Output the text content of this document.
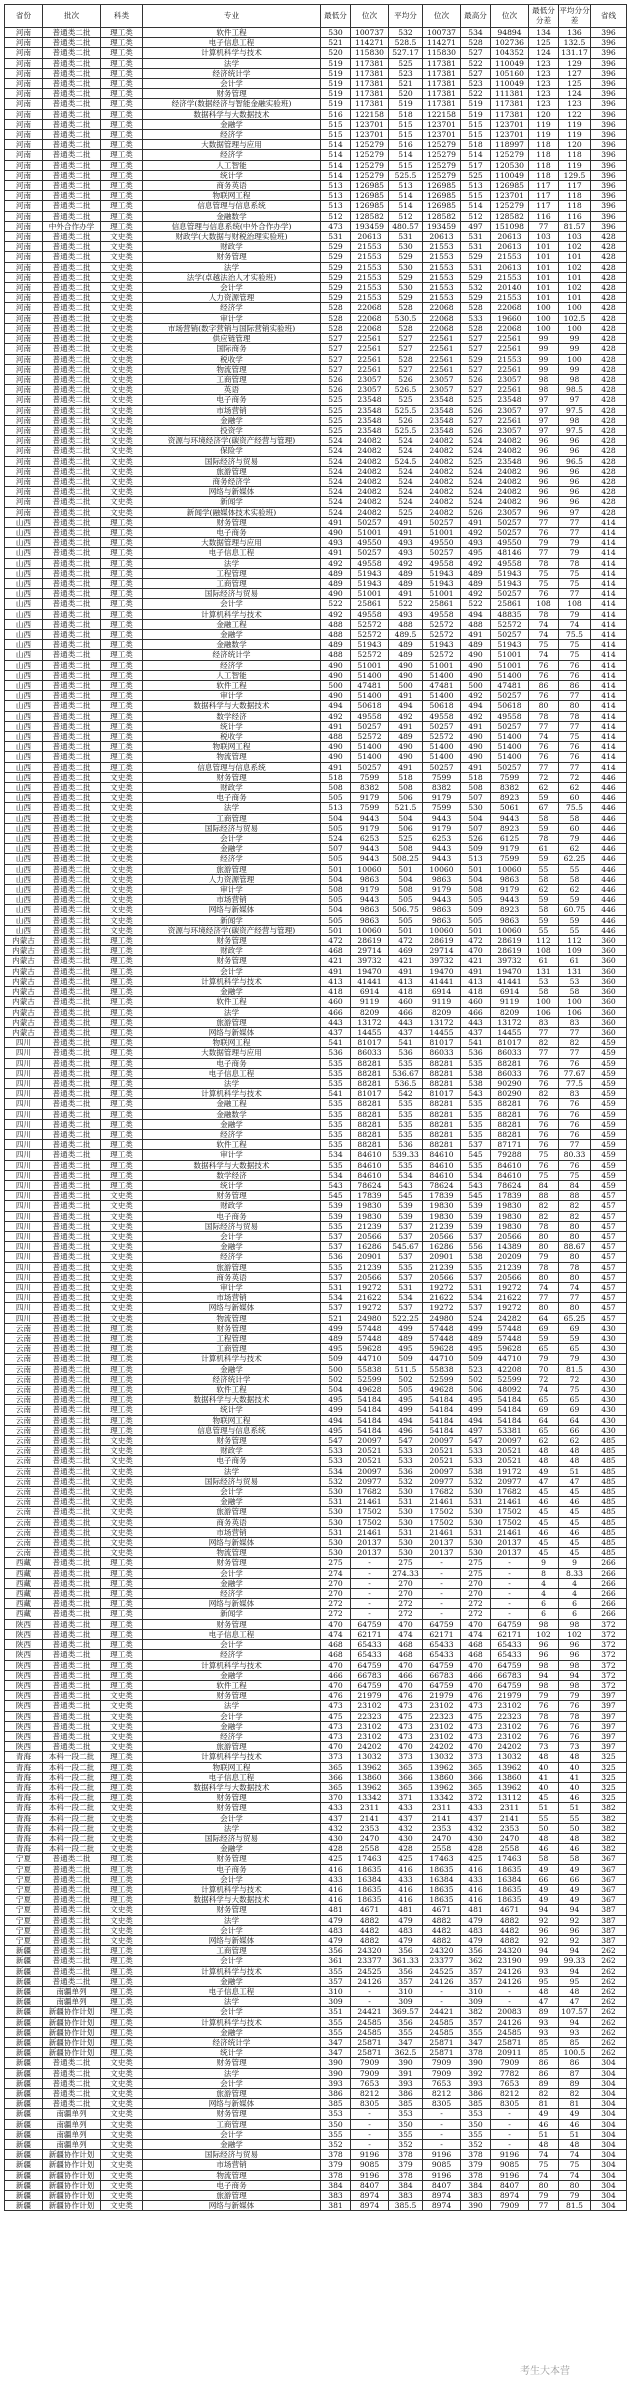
省份	批次	科类	专业	最低分	位次	平均分	位次	最高分	位次	最低分分差	平均分分差	省线
河南	普通类二批	理工类	软件工程	530	100737	532	100737	534	94894	134	136	396
河南	普通类二批	理工类	电子信息工程	521	114271	528.5	114271	528	102736	125	132.5	396
河南	普通类二批	理工类	计算机科学与技术	520	115830	527.17	115830	527	104352	124	131.17	396
河南	普通类二批	理工类	法学	519	117381	525	117381	522	110049	123	129	396
河南	普通类二批	理工类	经济统计学	519	117381	523	117381	527	105160	123	127	396
河南	普通类二批	理工类	会计学	519	117381	521	117381	523	110049	123	125	396
河南	普通类二批	理工类	财务管理	519	117381	520	117381	522	111381	123	124	396
河南	普通类二批	理工类	经济学(数据经济与智能金融实验班)	519	117381	519	117381	519	117381	123	123	396
河南	普通类二批	理工类	数据科学与大数据技术	516	122158	518	122158	519	117381	120	122	396
河南	普通类二批	理工类	金融学	515	123701	515	123701	515	123701	119	119	396
河南	普通类二批	理工类	经济学	515	123701	515	123701	515	123701	119	119	396
河南	普通类二批	理工类	大数据管理与应用	514	125279	516	125279	518	118997	118	120	396
河南	普通类二批	理工类	经济学	514	125279	514	125279	514	125279	118	118	396
河南	普通类二批	理工类	人工智能	514	125279	515	125279	517	120530	118	119	396
河南	普通类二批	理工类	统计学	514	125279	525.5	125279	525	110049	118	129.5	396
河南	普通类二批	理工类	商务英语	513	126985	513	126985	513	126985	117	117	396
河南	普通类二批	理工类	物联网工程	513	126985	514	126985	515	123701	117	118	396
河南	普通类二批	理工类	信息管理与信息系统	513	126985	514	126985	514	125279	117	118	396
河南	普通类二批	理工类	金融数学	512	128582	512	128582	512	128582	116	116	396
河南	中外合作办学	理工类	信息管理与信息系统(中外合作办学)	473	193459	480.57	193459	497	151098	77	81.57	396
河南	普通类二批	文史类	财政学(大数据与财税治理实验班)	531	20613	531	20613	531	20613	103	103	428
河南	普通类二批	文史类	财政学	529	21553	530	21553	531	20613	101	102	428
河南	普通类二批	文史类	财务管理	529	21553	529	21553	529	21553	101	101	428
河南	普通类二批	文史类	法学	529	21553	530	21553	531	20613	101	102	428
河南	普通类二批	文史类	法学(卓越法治人才实验班)	529	21553	529	21553	529	21553	101	101	428
河南	普通类二批	文史类	会计学	529	21553	530	21553	532	20140	101	102	428
河南	普通类二批	文史类	人力资源管理	529	21553	529	21553	529	21553	101	101	428
河南	普通类二批	文史类	经济学	528	22068	528	22068	528	22068	100	100	428
河南	普通类二批	文史类	审计学	528	22068	530.5	22068	533	19660	100	102.5	428
河南	普通类二批	文史类	市场营销(数字营销与国际营销实验班)	528	22068	528	22068	528	22068	100	100	428
河南	普通类二批	文史类	供应链管理	527	22561	527	22561	527	22561	99	99	428
河南	普通类二批	文史类	国际商务	527	22561	527	22561	527	22561	99	99	428
河南	普通类二批	文史类	税收学	527	22561	528	22561	529	21553	99	100	428
河南	普通类二批	文史类	物流管理	527	22561	527	22561	527	22561	99	99	428
河南	普通类二批	文史类	工商管理	526	23057	526	23057	526	23057	98	98	428
河南	普通类二批	文史类	英语	526	23057	526.5	23057	527	22561	98	98.5	428
河南	普通类二批	文史类	电子商务	525	23548	525	23548	525	23548	97	97	428
河南	普通类二批	文史类	市场营销	525	23548	525.5	23548	526	23057	97	97.5	428
河南	普通类二批	文史类	金融学	525	23548	526	23548	527	22561	97	98	428
河南	普通类二批	文史类	投资学	525	23548	525.5	23548	526	23057	97	97.5	428
河南	普通类二批	文史类	资源与环境经济学(碳资产经营与管理)	524	24082	524	24082	524	24082	96	96	428
河南	普通类二批	文史类	保险学	524	24082	524	24082	524	24082	96	96	428
河南	普通类二批	文史类	国际经济与贸易	524	24082	524.5	24082	525	23548	96	96.5	428
河南	普通类二批	文史类	旅游管理	524	24082	524	24082	524	24082	96	96	428
河南	普通类二批	文史类	商务经济学	524	24082	524	24082	524	24082	96	96	428
河南	普通类二批	文史类	网络与新媒体	524	24082	524	24082	524	24082	96	96	428
河南	普通类二批	文史类	新闻学	524	24082	524	24082	524	24082	96	96	428
河南	普通类二批	文史类	新闻学(融媒体技术实验班)	524	24082	525	24082	526	23057	96	97	428
山西	普通类二批	理工类	财务管理	491	50257	491	50257	491	50257	77	77	414
山西	普通类二批	理工类	电子商务	490	51001	491	51001	492	50257	76	77	414
山西	普通类二批	理工类	大数据管理与应用	493	49550	493	49550	493	49550	79	79	414
山西	普通类二批	理工类	电子信息工程	491	50257	493	50257	495	48146	77	79	414
山西	普通类二批	理工类	法学	492	49558	492	49558	492	49558	78	78	414
山西	普通类二批	理工类	工程管理	489	51943	489	51943	489	51943	75	75	414
山西	普通类二批	理工类	工商管理	489	51943	489	51943	489	51943	75	75	414
山西	普通类二批	理工类	国际经济与贸易	490	51001	491	51001	492	50257	76	77	414
山西	普通类二批	理工类	会计学	522	25861	522	25861	522	25861	108	108	414
山西	普通类二批	理工类	计算机科学与技术	492	49558	493	49558	494	48835	78	79	414
山西	普通类二批	理工类	金融工程	488	52572	488	52572	488	52572	74	74	414
山西	普通类二批	理工类	金融学	488	52572	489.5	52572	491	50257	74	75.5	414
山西	普通类二批	理工类	金融数学	489	51943	489	51943	489	51943	75	75	414
山西	普通类二批	理工类	经济统计学	488	52572	489	52572	490	51001	74	75	414
山西	普通类二批	理工类	经济学	490	51001	490	51001	490	51001	76	76	414
山西	普通类二批	理工类	人工智能	490	51400	490	51400	490	51400	76	76	414
山西	普通类二批	理工类	软件工程	500	47481	500	47481	500	47481	86	86	414
山西	普通类二批	理工类	审计学	490	51400	491	51400	492	50257	76	77	414
山西	普通类二批	理工类	数据科学与大数据技术	494	50618	494	50618	494	50618	80	80	414
山西	普通类二批	理工类	数学经济	492	49558	492	49558	492	49558	78	78	414
山西	普通类二批	理工类	统计学	491	50257	491	50257	491	50257	77	77	414
山西	普通类二批	理工类	税收学	488	52572	489	52572	490	51400	74	75	414
山西	普通类二批	理工类	物联网工程	490	51400	490	51400	490	51400	76	76	414
山西	普通类二批	理工类	物流管理	490	51400	490	51400	490	51400	76	76	414
山西	普通类二批	理工类	信息管理与信息系统	491	50257	491	50257	491	50257	77	77	414
山西	普通类二批	文史类	财务管理	518	7599	518	7599	518	7599	72	72	446
山西	普通类二批	文史类	财政学	508	8382	508	8382	508	8382	62	62	446
山西	普通类二批	文史类	电子商务	505	9179	506	9179	507	8923	59	60	446
山西	普通类二批	文史类	法学	513	7599	521.5	7599	530	5061	67	75.5	446
山西	普通类二批	文史类	工商管理	504	9443	504	9443	504	9443	58	58	446
山西	普通类二批	文史类	国际经济与贸易	505	9179	506	9179	507	8923	59	60	446
山西	普通类二批	文史类	会计学	524	6253	525	6253	526	6125	78	79	446
山西	普通类二批	文史类	金融学	507	9443	508	9443	509	9179	61	62	446
山西	普通类二批	文史类	经济学	505	9443	508.25	9443	513	7599	59	62.25	446
山西	普通类二批	文史类	旅游管理	501	10060	501	10060	501	10060	55	55	446
山西	普通类二批	文史类	人力资源管理	504	9863	504	9863	504	9863	58	58	446
山西	普通类二批	文史类	审计学	508	9179	508	9179	508	9179	62	62	446
山西	普通类二批	文史类	市场营销	505	9443	505	9443	505	9443	59	59	446
山西	普通类二批	文史类	网络与新媒体	504	9863	506.75	9863	509	8923	58	60.75	446
山西	普通类二批	文史类	新闻学	505	9863	505	9863	505	9863	59	59	446
山西	普通类二批	文史类	资源与环境经济学(碳资产经营与管理)	501	10060	501	10060	501	10060	55	55	446
内蒙古	普通类二批	理工类	财务管理	472	28619	472	28619	472	28619	112	112	360
内蒙古	普通类二批	理工类	财政学	468	29714	469	29714	470	28619	108	109	360
内蒙古	普通类二批	理工类	财务管理	421	39732	421	39732	421	39732	61	61	360
内蒙古	普通类二批	理工类	会计学	491	19470	491	19470	491	19470	131	131	360
内蒙古	普通类二批	理工类	计算机科学与技术	413	41441	413	41441	413	41441	53	53	360
内蒙古	普通类二批	理工类	金融学	418	6914	418	6914	418	6914	58	58	360
内蒙古	普通类二批	理工类	软件工程	460	9119	460	9119	460	9119	100	100	360
内蒙古	普通类二批	理工类	法学	466	8209	466	8209	466	8209	106	106	360
内蒙古	普通类二批	理工类	旅游管理	443	13172	443	13172	443	13172	83	83	360
内蒙古	普通类二批	理工类	网络与新媒体	437	14455	437	14455	437	14455	77	77	360
四川	普通类二批	理工类	物联网工程	541	81017	541	81017	541	81017	82	82	459
四川	普通类二批	理工类	大数据管理与应用	536	86033	536	86033	536	86033	77	77	459
四川	普通类二批	理工类	电子商务	535	88281	535	88281	535	88281	76	76	459
四川	普通类二批	理工类	电子信息工程	535	88281	536.67	88281	538	86033	76	77.67	459
四川	普通类二批	理工类	法学	535	88281	536.5	88281	538	90290	76	77.5	459
四川	普通类二批	理工类	计算机科学与技术	541	81017	542	81017	543	80290	82	83	459
四川	普通类二批	理工类	金融工程	535	88281	535	88281	535	88281	76	76	459
四川	普通类二批	理工类	金融数学	535	88281	535	88281	535	88281	76	76	459
四川	普通类二批	理工类	金融学	535	88281	535	88281	535	88281	76	76	459
四川	普通类二批	理工类	经济学	535	88281	535	88281	535	88281	76	76	459
四川	普通类二批	理工类	软件工程	535	88281	536	88281	537	87171	76	77	459
四川	普通类二批	理工类	审计学	534	84610	539.33	84610	545	79288	75	80.33	459
四川	普通类二批	理工类	数据科学与大数据技术	535	84610	535	84610	535	84610	76	76	459
四川	普通类二批	理工类	数学经济	534	84610	534	84610	534	84610	75	75	459
四川	普通类二批	理工类	统计学	543	78624	543	78624	543	78624	84	84	459
四川	普通类二批	文史类	财务管理	545	17839	545	17839	545	17839	88	88	457
四川	普通类二批	文史类	财政学	539	19830	539	19830	539	19830	82	82	457
四川	普通类二批	文史类	电子商务	539	19830	539	19830	539	19830	82	82	457
四川	普通类二批	文史类	国际经济与贸易	535	21239	537	21239	539	19830	78	80	457
四川	普通类二批	文史类	会计学	537	20566	537	20566	537	20566	80	80	457
四川	普通类二批	文史类	金融学	537	16286	545.67	16286	556	14389	80	88.67	457
四川	普通类二批	文史类	经济学	536	20901	537	20901	538	20209	79	80	457
四川	普通类二批	文史类	旅游管理	535	21239	535	21239	535	21239	78	78	457
四川	普通类二批	文史类	商务英语	537	20566	537	20566	537	20566	80	80	457
四川	普通类二批	文史类	审计学	531	19272	531	19272	531	19272	74	74	457
四川	普通类二批	文史类	市场营销	534	21622	534	21622	534	21622	77	77	457
四川	普通类二批	文史类	网络与新媒体	537	19272	537	19272	537	19272	80	80	457
四川	普通类二批	文史类	物流管理	521	24980	522.25	24980	524	24282	64	65.25	457
云南	普通类二批	理工类	财务管理	499	57448	499	57448	499	57448	69	69	430
云南	普通类二批	理工类	工程管理	489	57448	489	57448	489	57448	59	59	430
云南	普通类二批	理工类	工商管理	495	59628	495	59628	495	59628	65	65	430
云南	普通类二批	理工类	计算机科学与技术	509	44710	509	44710	509	44710	79	79	430
云南	普通类二批	理工类	金融学	500	55838	511.5	55838	523	42208	70	81.5	430
云南	普通类二批	理工类	经济统计学	502	52599	502	52599	502	52599	72	72	430
云南	普通类二批	理工类	软件工程	504	49628	505	49628	506	48092	74	75	430
云南	普通类二批	理工类	数据科学与大数据技术	495	54184	495	54184	495	54184	65	65	430
云南	普通类二批	理工类	统计学	499	54184	499	54184	499	54184	69	69	430
云南	普通类二批	理工类	物联网工程	494	54184	494	54184	494	54184	64	64	430
云南	普通类二批	理工类	信息管理与信息系统	495	54184	496	54184	497	53381	65	66	430
云南	普通类二批	文史类	财务管理	547	20097	547	20097	547	20097	62	62	485
云南	普通类二批	文史类	财政学	533	20521	533	20521	533	20521	48	48	485
云南	普通类二批	文史类	电子商务	533	20521	533	20521	533	20521	48	48	485
云南	普通类二批	文史类	法学	534	20097	536	20097	538	19172	49	51	485
云南	普通类二批	文史类	国际经济与贸易	532	20977	532	20977	532	20977	47	47	485
云南	普通类二批	文史类	会计学	530	17682	530	17682	530	17682	45	45	485
云南	普通类二批	文史类	金融学	531	21461	531	21461	531	21461	46	46	485
云南	普通类二批	文史类	旅游管理	530	17502	530	17502	530	17502	45	45	485
云南	普通类二批	文史类	商务英语	530	17502	530	17502	530	17502	45	45	485
云南	普通类二批	文史类	市场营销	531	21461	531	21461	531	21461	46	46	485
云南	普通类二批	文史类	网络与新媒体	530	20137	530	20137	530	20137	45	45	485
云南	普通类二批	文史类	物流管理	530	20137	530	20137	530	20137	45	45	485
西藏	普通类二批	理工类	财务管理	275	-	275	-	275	-	9	9	266
西藏	普通类二批	理工类	会计学	274	-	274.33	-	275	-	8	8.33	266
西藏	普通类二批	理工类	金融学	270	-	270	-	270	-	4	4	266
西藏	普通类二批	理工类	经济学	270	-	270	-	270	-	4	4	266
西藏	普通类二批	理工类	网络与新媒体	272	-	272	-	272	-	6	6	266
西藏	普通类二批	理工类	新闻学	272	-	272	-	272	-	6	6	266
陕西	普通类二批	理工类	财务管理	470	64759	470	64759	470	64759	98	98	372
陕西	普通类二批	理工类	电子信息工程	474	62171	474	62171	474	62171	102	102	372
陕西	普通类二批	理工类	会计学	468	65433	468	65433	468	65433	96	96	372
陕西	普通类二批	理工类	经济学	468	65433	468	65433	468	65433	96	96	372
陕西	普通类二批	理工类	计算机科学与技术	470	64759	470	64759	470	64759	98	98	372
陕西	普通类二批	理工类	金融学	466	66783	466	66783	466	66783	94	94	372
陕西	普通类二批	理工类	软件工程	470	64759	470	64759	470	64759	98	98	372
陕西	普通类二批	文史类	财务管理	476	21979	476	21979	476	21979	79	79	397
陕西	普通类二批	文史类	法学	473	23102	473	23102	473	23102	76	76	397
陕西	普通类二批	文史类	会计学	475	22323	475	22323	475	22323	78	78	397
陕西	普通类二批	文史类	金融学	473	23102	473	23102	473	23102	76	76	397
陕西	普通类二批	文史类	经济学	473	23102	473	23102	473	23102	76	76	397
陕西	普通类二批	文史类	旅游管理	470	24202	470	24202	470	24202	73	73	397
青海	本科一段二批	理工类	计算机科学与技术	373	13032	373	13032	373	13032	48	48	325
青海	本科一段二批	理工类	物联网工程	365	13962	365	13962	365	13962	40	40	325
青海	本科一段二批	理工类	电子信息工程	366	13860	366	13860	366	13860	41	41	325
青海	本科一段二批	理工类	数据科学与大数据技术	365	13962	365	13962	365	13962	40	40	325
青海	本科一段二批	理工类	财务管理	370	13342	371	13342	372	13112	45	46	325
青海	本科一段二批	文史类	财务管理	433	2311	433	2311	433	2311	51	51	382
青海	本科一段二批	文史类	会计学	437	2141	437	2141	437	2141	55	55	382
青海	本科一段二批	文史类	法学	432	2353	432	2353	432	2353	50	50	382
青海	本科一段二批	文史类	国际经济与贸易	430	2470	430	2470	430	2470	48	48	382
青海	本科一段二批	文史类	金融学	428	2558	428	2558	428	2558	46	46	382
宁夏	普通类二批	理工类	财务管理	425	17463	425	17463	425	17463	58	58	367
宁夏	普通类二批	理工类	电子商务	416	18635	416	18635	416	18635	49	49	367
宁夏	普通类二批	理工类	会计学	433	16384	433	16384	433	16384	66	66	367
宁夏	普通类二批	理工类	计算机科学与技术	416	18635	416	18635	416	18635	49	49	367
宁夏	普通类二批	理工类	数据科学与大数据技术	416	18635	416	18635	416	18635	49	49	367
宁夏	普通类二批	文史类	财务管理	481	4671	481	4671	481	4671	94	94	387
宁夏	普通类二批	文史类	法学	479	4882	479	4882	479	4882	92	92	387
宁夏	普通类二批	文史类	会计学	483	4482	483	4482	483	4482	96	96	387
宁夏	普通类二批	文史类	网络与新媒体	479	4882	479	4882	479	4882	92	92	387
新疆	普通类二批	理工类	工商管理	356	24320	356	24320	356	24320	94	94	262
新疆	普通类二批	理工类	会计学	361	23377	361.33	23377	362	23190	99	99.33	262
新疆	普通类二批	理工类	计算机科学与技术	355	24525	356	24525	357	24126	93	94	262
新疆	普通类二批	理工类	金融学	357	24126	357	24126	357	24126	95	95	262
新疆	南疆单列	理工类	电子信息工程	310	-	310	-	310	-	48	48	262
新疆	南疆单列	理工类	法学	309	-	309	-	309	-	47	47	262
新疆	新疆协作计划	理工类	会计学	351	24421	369.57	24421	382	20083	89	107.57	262
新疆	新疆协作计划	理工类	计算机科学与技术	355	24585	356	24585	357	24126	93	94	262
新疆	新疆协作计划	理工类	金融学	355	24585	355	24585	355	24585	93	93	262
新疆	新疆协作计划	理工类	经济统计学	347	25871	347	25871	347	25871	85	85	262
新疆	新疆协作计划	理工类	统计学	347	25871	362.5	25871	378	20911	85	100.5	262
新疆	普通类二批	文史类	财务管理	390	7909	390	7909	390	7909	86	86	304
新疆	普通类二批	文史类	法学	390	7909	391	7909	392	7782	86	87	304
新疆	普通类二批	文史类	会计学	393	7653	393	7653	393	7653	89	89	304
新疆	普通类二批	文史类	旅游管理	386	8212	386	8212	386	8212	82	82	304
新疆	普通类二批	文史类	网络与新媒体	385	8305	385	8305	385	8305	81	81	304
新疆	南疆单列	文史类	财务管理	353	-	353	-	353	-	49	49	304
新疆	南疆单列	文史类	工商管理	350	-	350	-	350	-	46	46	304
新疆	南疆单列	文史类	会计学	355	-	355	-	355	-	51	51	304
新疆	南疆单列	文史类	金融学	352	-	352	-	352	-	48	48	304
新疆	新疆协作计划	文史类	国际经济与贸易	378	9196	378	9196	378	9196	74	74	304
新疆	新疆协作计划	文史类	市场营销	379	9085	379	9085	379	9085	75	75	304
新疆	新疆协作计划	文史类	物流管理	378	9196	378	9196	378	9196	74	74	304
新疆	新疆协作计划	文史类	电子商务	384	8407	384	8407	384	8407	80	80	304
新疆	新疆协作计划	文史类	旅游管理	383	8974	383	8974	383	8974	79	79	304
新疆	新疆协作计划	文史类	网络与新媒体	381	8974	385.5	8974	390	7909	77	81.5	304
考生大本营
